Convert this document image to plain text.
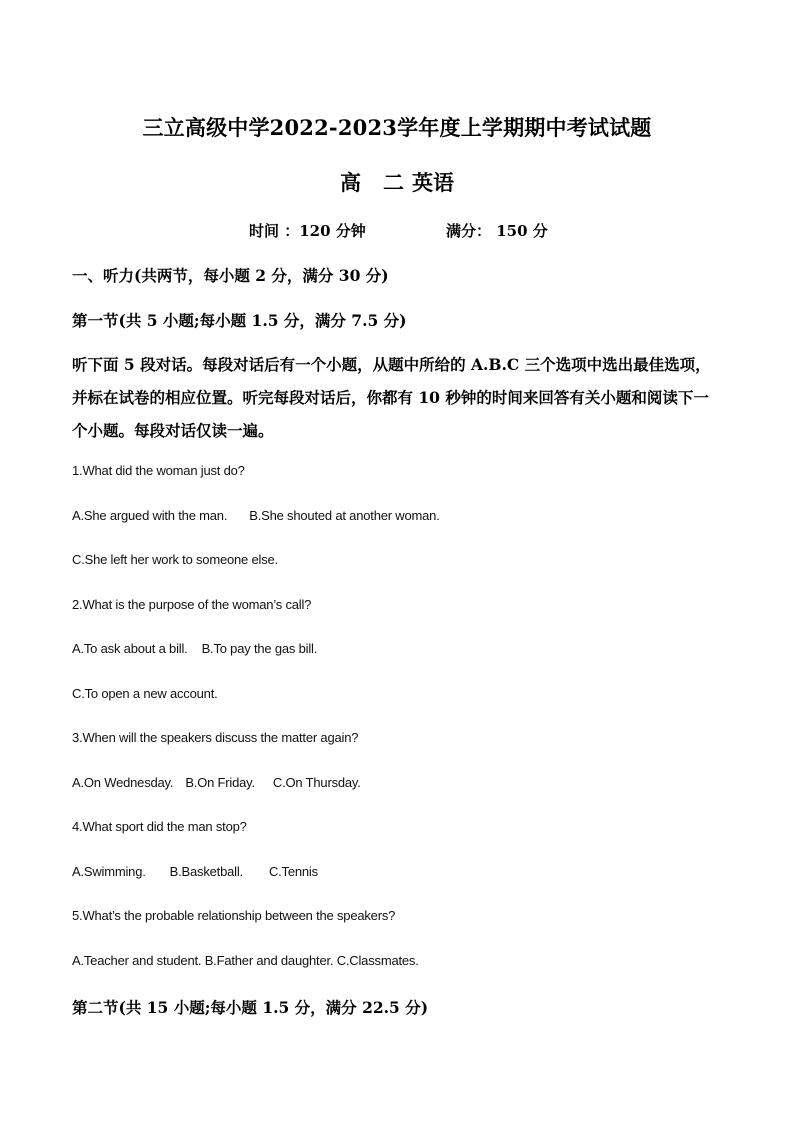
三立高级中学2022-2023学年度上学期期中考试试题
高 二 英语
时间 ：120 分钟	满分： 150 分
一、听力(共两节，每小题 2 分，满分 30 分)
第一节(共 5 小题;每小题 1.5 分，满分 7.5 分)
听下面 5 段对话。每段对话后有一个小题，从题中所给的 A.B.C 三个选项中选出最佳选项，并标在试卷的相应位置。听完每段对话后，你都有 10 秒钟的时间来回答有关小题和阅读下一个小题。每段对话仅读一遍。
1.What did the woman just do?
A.She argued with the man. B.She shouted at another woman.
C.She left her work to someone else.
2.What is the purpose of the woman’s call?
A.To ask about a bill. B.To pay the gas bill.
C.To open a new account.
3.When will the speakers discuss the matter again?
A.On Wednesday. B.On Friday. C.On Thursday.
4.What sport did the man stop?
A.Swimming. B.Basketball. C.Tennis
5.What’s the probable relationship between the speakers?
A.Teacher and student. B.Father and daughter. C.Classmates.
第二节(共 15 小题;每小题 1.5 分，满分 22.5 分)
